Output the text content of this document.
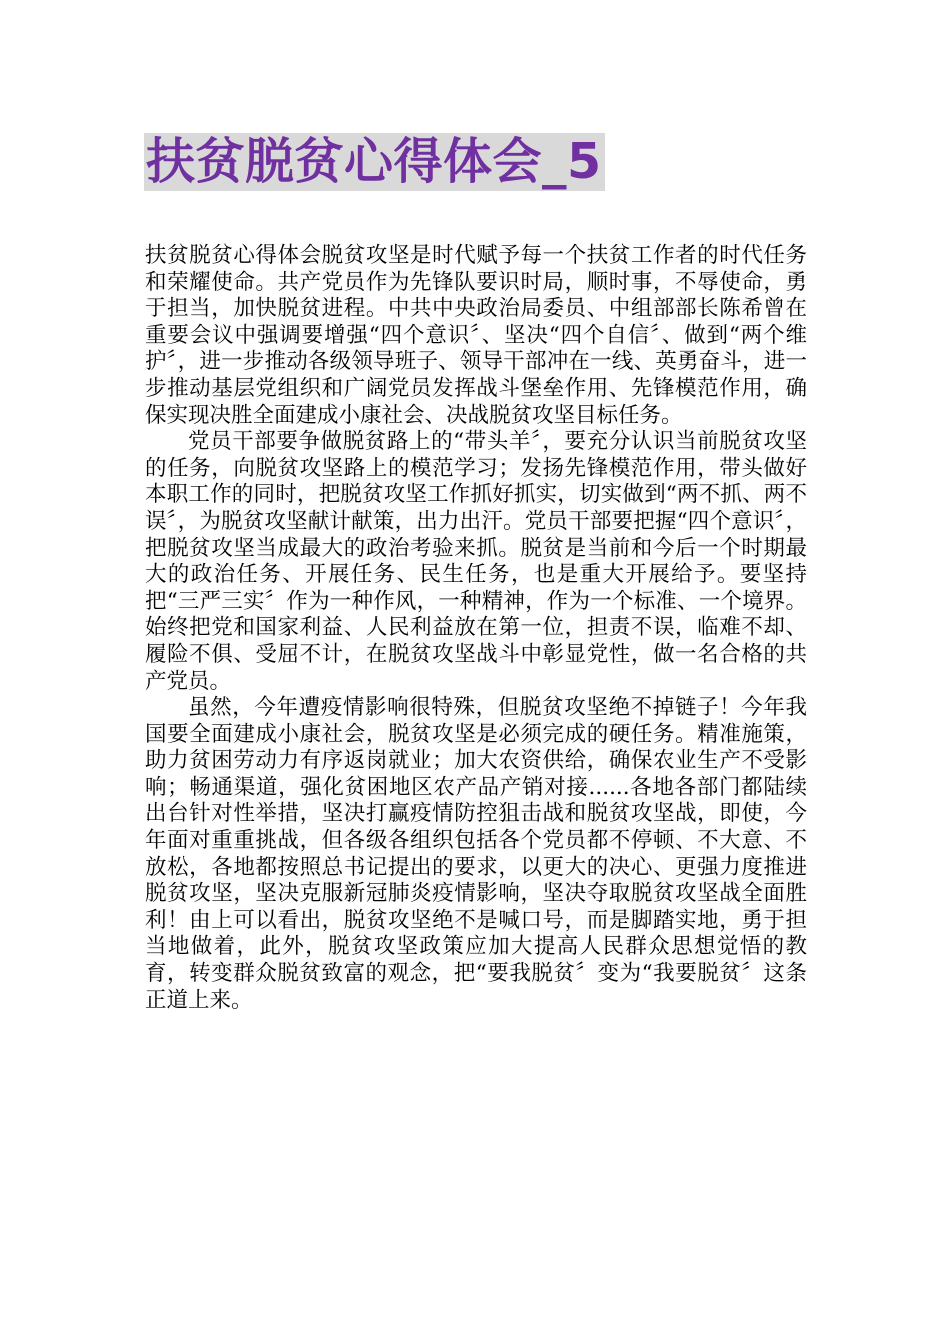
扶贫脱贫心得体会_5

扶贫脱贫心得体会脱贫攻坚是时代赋予每一个扶贫工作者的时代任务和荣耀使命。共产党员作为先锋队要识时局，顺时事，不辱使命，勇于担当，加快脱贫进程。中共中央政治局委员、中组部部长陈希曾在重要会议中强调要增强“四个意识〞、坚决“四个自信〞、做到“两个维护〞，进一步推动各级领导班子、领导干部冲在一线、英勇奋斗，进一步推动基层党组织和广阔党员发挥战斗堡垒作用、先锋模范作用，确保实现决胜全面建成小康社会、决战脱贫攻坚目标任务。

党员干部要争做脱贫路上的“带头羊〞，要充分认识当前脱贫攻坚的任务，向脱贫攻坚路上的模范学习；发扬先锋模范作用，带头做好本职工作的同时，把脱贫攻坚工作抓好抓实，切实做到“两不抓、两不误〞，为脱贫攻坚献计献策，出力出汗。党员干部要把握“四个意识〞，把脱贫攻坚当成最大的政治考验来抓。脱贫是当前和今后一个时期最大的政治任务、开展任务、民生任务，也是重大开展给予。要坚持把“三严三实〞作为一种作风，一种精神，作为一个标准、一个境界。始终把党和国家利益、人民利益放在第一位，担责不误，临难不却、履险不俱、受屈不计，在脱贫攻坚战斗中彰显党性，做一名合格的共产党员。

虽然，今年遭疫情影响很特殊，但脱贫攻坚绝不掉链子！今年我国要全面建成小康社会，脱贫攻坚是必须完成的硬任务。精准施策，助力贫困劳动力有序返岗就业；加大农资供给，确保农业生产不受影响；畅通渠道，强化贫困地区农产品产销对接......各地各部门都陆续出台针对性举措，坚决打赢疫情防控狙击战和脱贫攻坚战，即使，今年面对重重挑战，但各级各组织包括各个党员都不停顿、不大意、不放松，各地都按照总书记提出的要求，以更大的决心、更强力度推进脱贫攻坚，坚决克服新冠肺炎疫情影响，坚决夺取脱贫攻坚战全面胜利！由上可以看出，脱贫攻坚绝不是喊口号，而是脚踏实地，勇于担当地做着，此外，脱贫攻坚政策应加大提高人民群众思想觉悟的教育，转变群众脱贫致富的观念，把“要我脱贫〞变为“我要脱贫〞这条正道上来。
